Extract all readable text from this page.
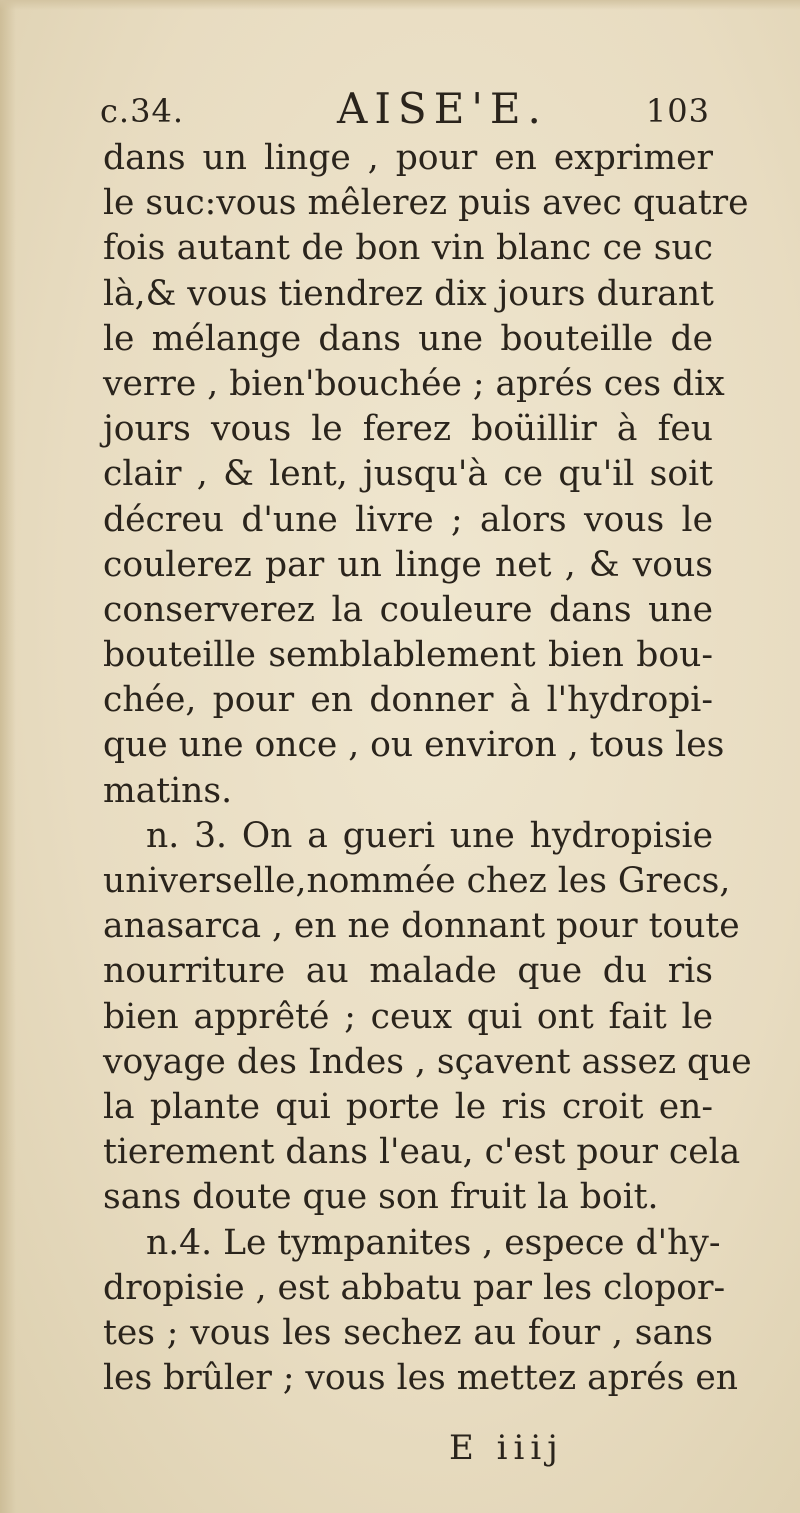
c.34.	AISE'E.	103
dans un linge , pour en exprimer
le suc:vous mêlerez puis avec quatre
fois autant de bon vin blanc ce suc
là,& vous tiendrez dix jours durant
le mélange dans une bouteille de
verre , bien'bouchée ; aprés ces dix
jours vous le ferez boüillir à feu
clair , & lent, jusqu'à ce qu'il soit
décreu d'une livre ; alors vous le
coulerez par un linge net , & vous
conserverez la couleure dans une
bouteille semblablement bien bou-
chée, pour en donner à l'hydropi-
que une once , ou environ , tous les
matins.
n. 3. On a gueri une hydropisie
universelle,nommée chez les Grecs,
anasarca , en ne donnant pour toute
nourriture au malade que du ris
bien apprêté ; ceux qui ont fait le
voyage des Indes , sçavent assez que
la plante qui porte le ris croit en-
tierement dans l'eau, c'est pour cela
sans doute que son fruit la boit.
n.4. Le tympanites , espece d'hy-
dropisie , est abbatu par les clopor-
tes ; vous les sechez au four , sans
les brûler ; vous les mettez aprés en
E iiij
